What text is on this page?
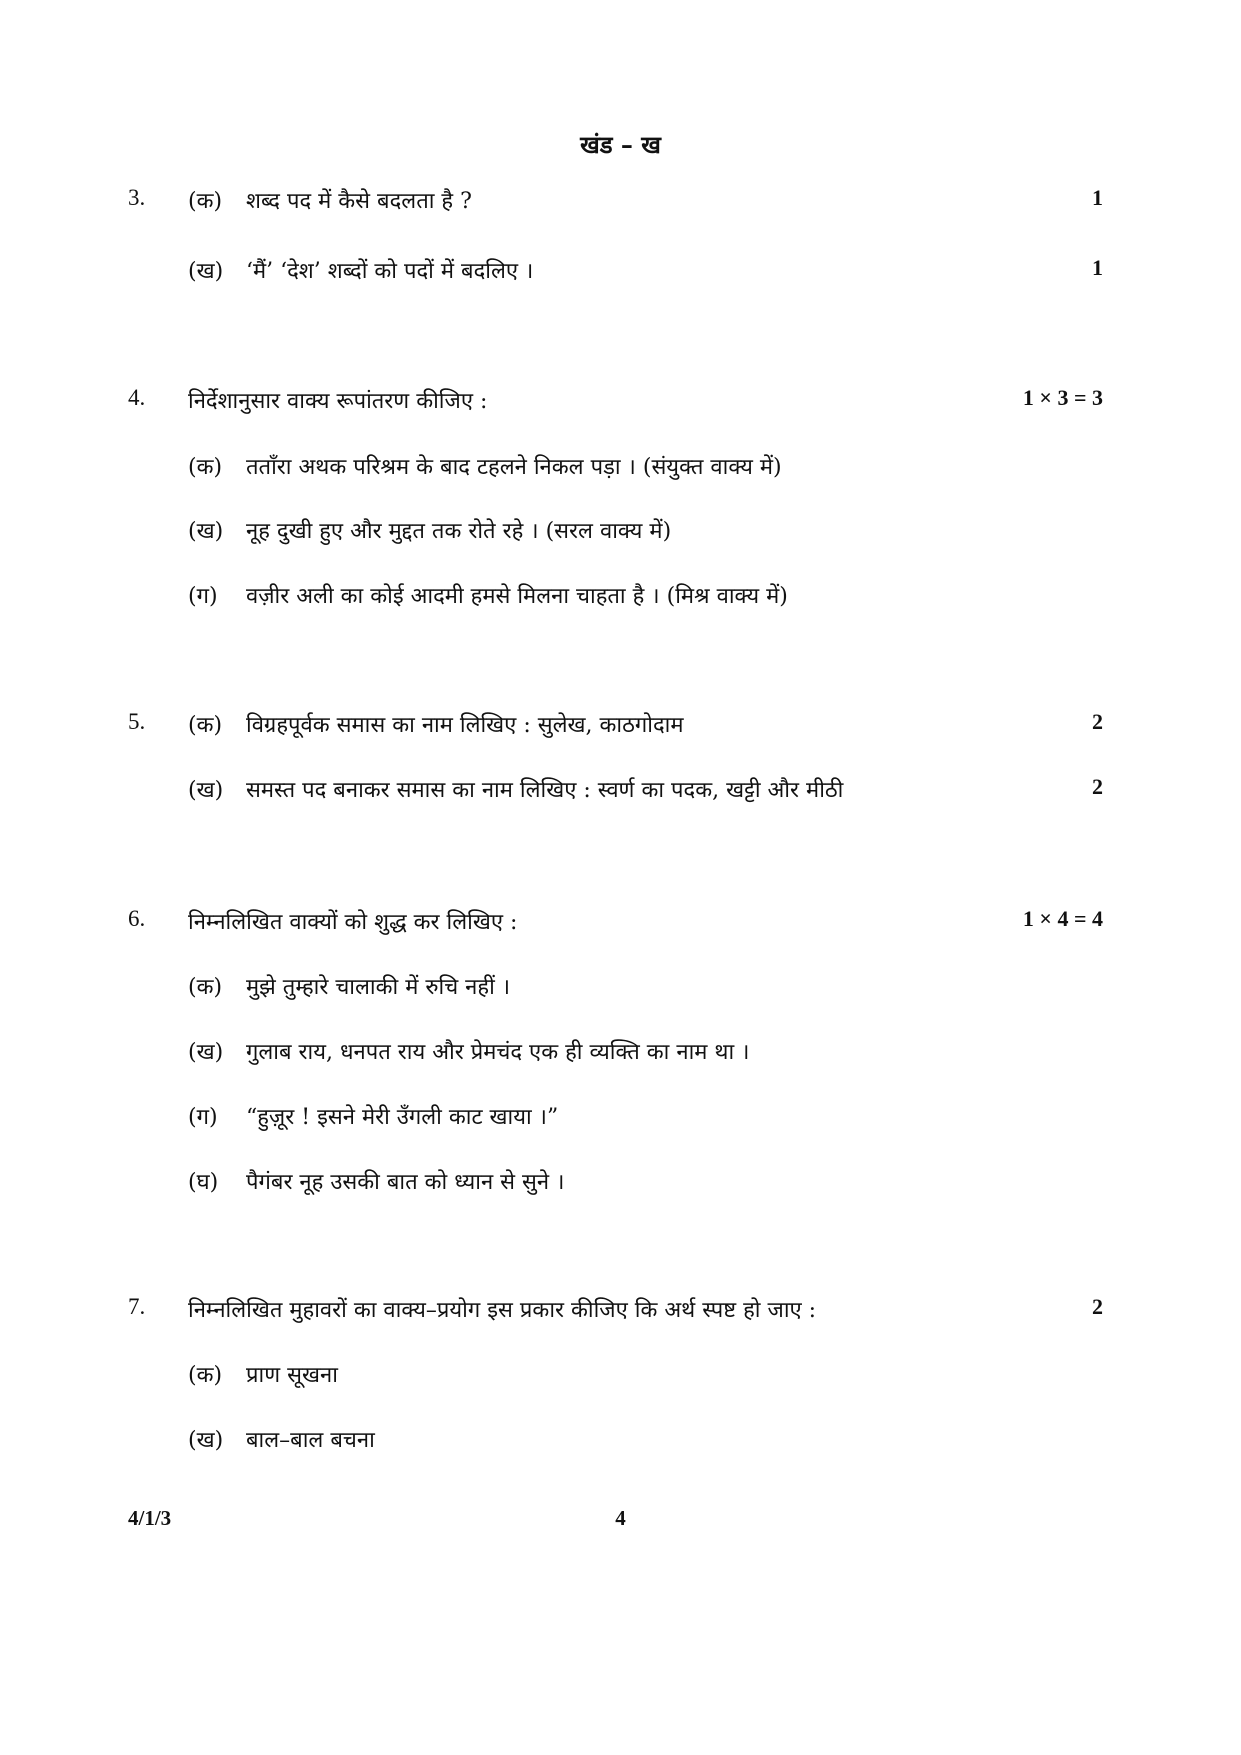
खंड – ख
3. (क) शब्द पद में कैसे बदलता है ?	1
(ख) ‘मैं’ ‘देश’ शब्दों को पदों में बदलिए ।	1
4. निर्देशानुसार वाक्य रूपांतरण कीजिए :	1 × 3 = 3
(क) तताँरा अथक परिश्रम के बाद टहलने निकल पड़ा । (संयुक्त वाक्य में)
(ख) नूह दुखी हुए और मुद्दत तक रोते रहे । (सरल वाक्य में)
(ग) वज़ीर अली का कोई आदमी हमसे मिलना चाहता है । (मिश्र वाक्य में)
5. (क) विग्रहपूर्वक समास का नाम लिखिए : सुलेख, काठगोदाम	2
(ख) समस्त पद बनाकर समास का नाम लिखिए : स्वर्ण का पदक, खट्टी और मीठी	2
6. निम्नलिखित वाक्यों को शुद्ध कर लिखिए :	1 × 4 = 4
(क) मुझे तुम्हारे चालाकी में रुचि नहीं ।
(ख) गुलाब राय, धनपत राय और प्रेमचंद एक ही व्यक्ति का नाम था ।
(ग) “हुज़ूर ! इसने मेरी उँगली काट खाया ।”
(घ) पैगंबर नूह उसकी बात को ध्यान से सुने ।
7. निम्नलिखित मुहावरों का वाक्य–प्रयोग इस प्रकार कीजिए कि अर्थ स्पष्ट हो जाए :	2
(क) प्राण सूखना
(ख) बाल–बाल बचना
4/1/3	4
